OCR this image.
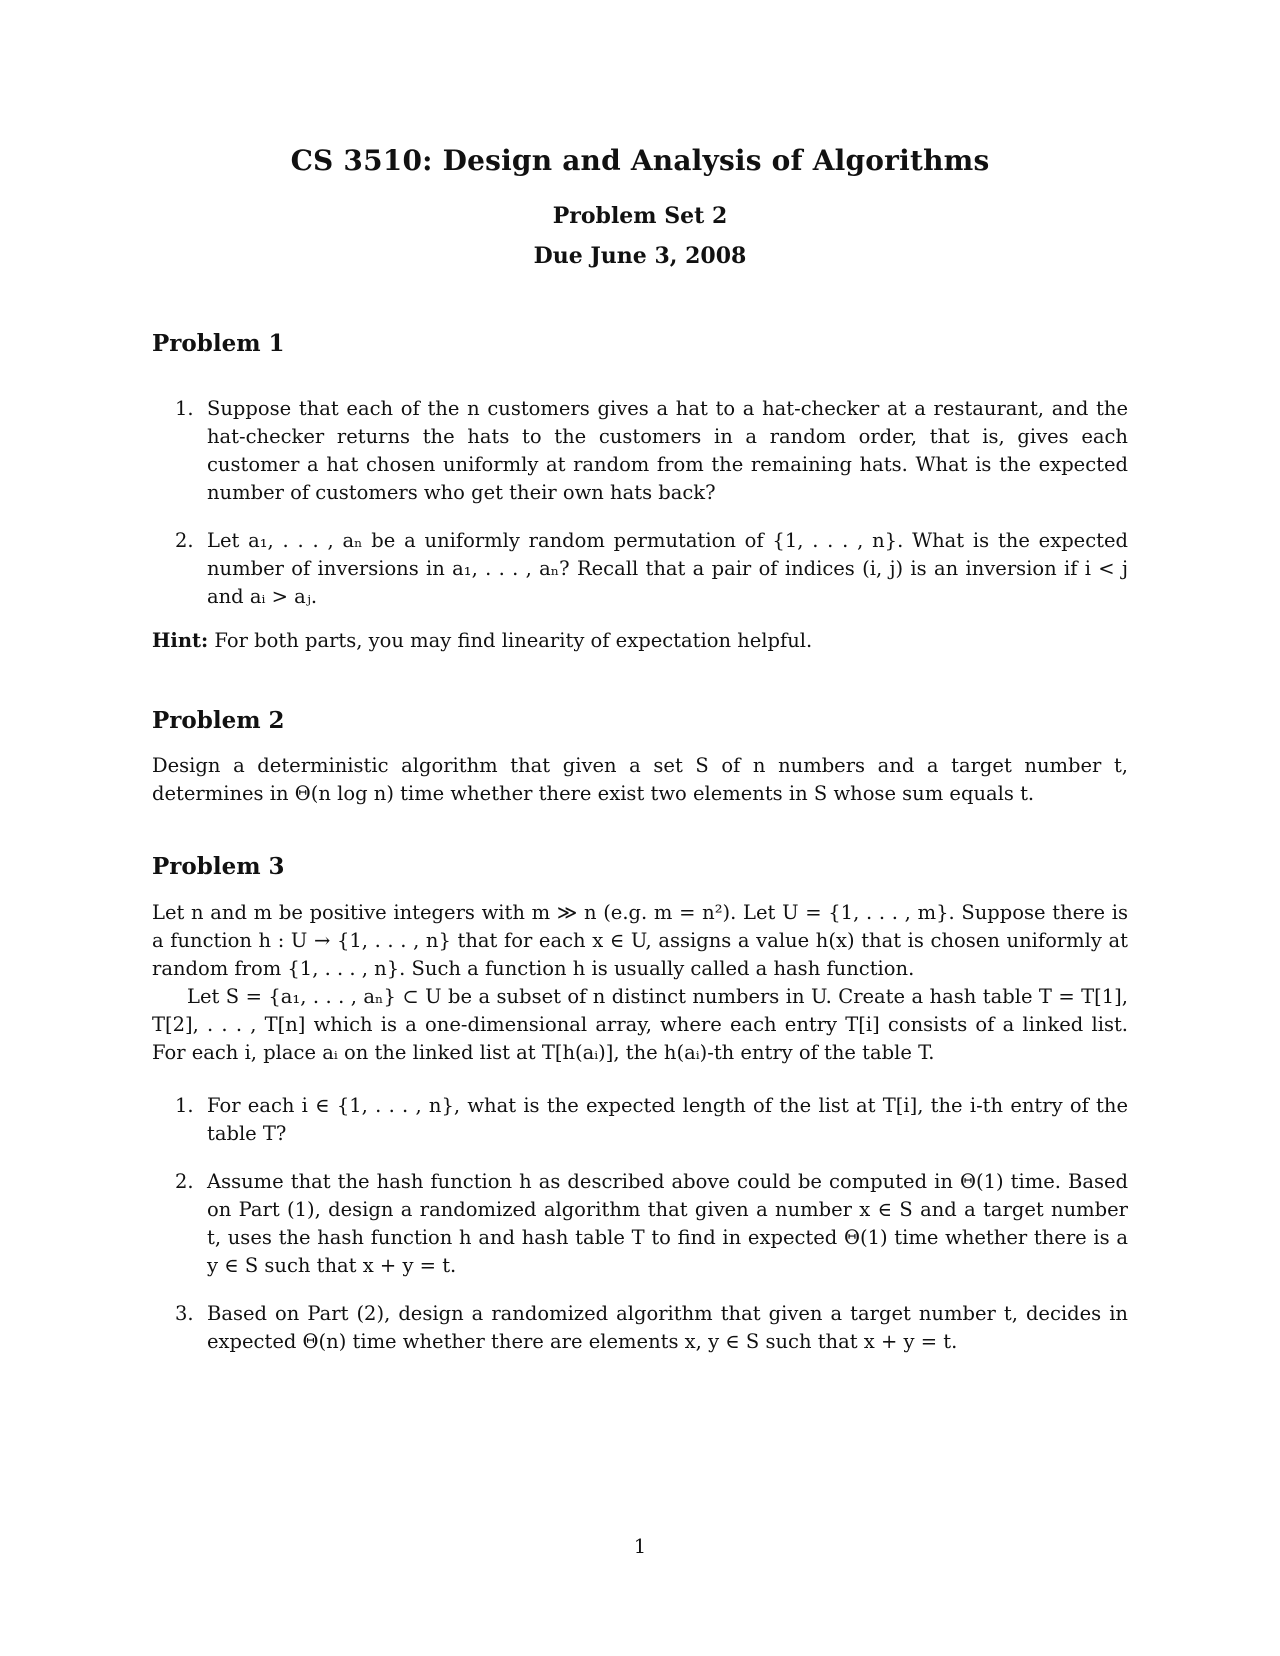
CS 3510: Design and Analysis of Algorithms
Problem Set 2
Due June 3, 2008
Problem 1
1. Suppose that each of the n customers gives a hat to a hat-checker at a restaurant, and the hat-checker returns the hats to the customers in a random order, that is, gives each customer a hat chosen uniformly at random from the remaining hats. What is the expected number of customers who get their own hats back?
2. Let a₁, . . . , aₙ be a uniformly random permutation of {1, . . . , n}. What is the expected number of inversions in a₁, . . . , aₙ? Recall that a pair of indices (i, j) is an inversion if i < j and aᵢ > aⱼ.
Hint: For both parts, you may find linearity of expectation helpful.
Problem 2

Design a deterministic algorithm that given a set S of n numbers and a target number t, determines in Θ(n log n) time whether there exist two elements in S whose sum equals t.

Problem 3

Let n and m be positive integers with m ≫ n (e.g. m = n²). Let U = {1, . . . , m}. Suppose there is a function h : U → {1, . . . , n} that for each x ∈ U, assigns a value h(x) that is chosen uniformly at random from {1, . . . , n}. Such a function h is usually called a hash function.

Let S = {a₁, . . . , aₙ} ⊂ U be a subset of n distinct numbers in U. Create a hash table T = T[1], T[2], . . . , T[n] which is a one-dimensional array, where each entry T[i] consists of a linked list. For each i, place aᵢ on the linked list at T[h(aᵢ)], the h(aᵢ)-th entry of the table T.

1. For each i ∈ {1, . . . , n}, what is the expected length of the list at T[i], the i-th entry of the table T?
2. Assume that the hash function h as described above could be computed in Θ(1) time. Based on Part (1), design a randomized algorithm that given a number x ∈ S and a target number t, uses the hash function h and hash table T to find in expected Θ(1) time whether there is a y ∈ S such that x + y = t.
3. Based on Part (2), design a randomized algorithm that given a target number t, decides in expected Θ(n) time whether there are elements x, y ∈ S such that x + y = t.
1
